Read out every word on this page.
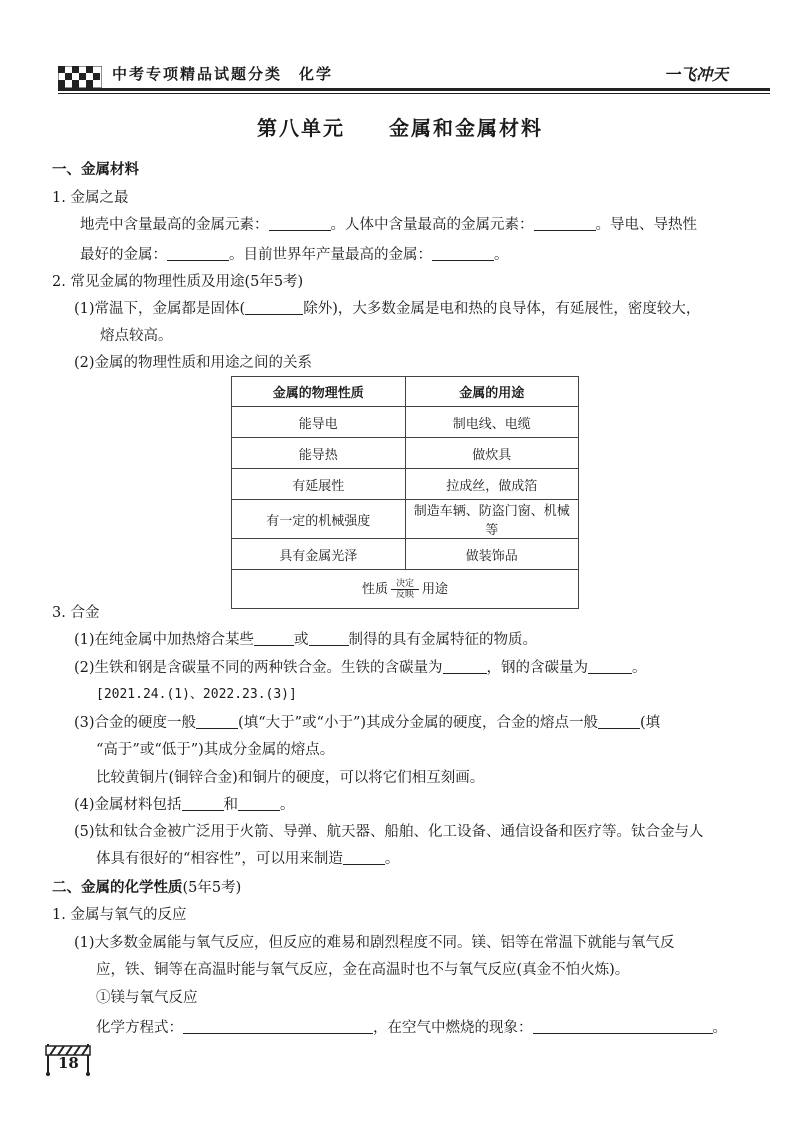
中考专项精品试题分类　化学	一飞冲天
第八单元　　金属和金属材料
一、金属材料
1. 金属之最
地壳中含量最高的金属元素：	。人体中含量最高的金属元素：	。导电、导热性
最好的金属：	。目前世界年产量最高的金属：	。
2. 常见金属的物理性质及用途(5年5考)
(1)常温下，金属都是固体(	除外)，大多数金属是电和热的良导体，有延展性，密度较大，
熔点较高。
(2)金属的物理性质和用途之间的关系
金属的物理性质	金属的用途
能导电	制电线、电缆
能导热	做炊具
有延展性	拉成丝，做成箔
有一定的机械强度	制造车辆、防盗门窗、机械等
具有金属光泽	做装饰品
性质 $\frac{\text{决定}}{\text{反映}}$ 用途	
3. 合金
(1)在纯金属中加热熔合某些	或	制得的具有金属特征的物质。
(2)生铁和钢是含碳量不同的两种铁合金。生铁的含碳量为	，钢的含碳量为	。
[2021.24.(1)、2022.23.(3)]
(3)合金的硬度一般	(填“大于”或“小于”)其成分金属的硬度，合金的熔点一般	(填
“高于”或“低于”)其成分金属的熔点。
比较黄铜片(铜锌合金)和铜片的硬度，可以将它们相互刻画。
(4)金属材料包括	和	。
(5)钛和钛合金被广泛用于火箭、导弹、航天器、船舶、化工设备、通信设备和医疗等。钛合金与人
体具有很好的“相容性”，可以用来制造	。
二、金属的化学性质(5年5考)
1. 金属与氧气的反应
(1)大多数金属能与氧气反应，但反应的难易和剧烈程度不同。镁、铝等在常温下就能与氧气反
应，铁、铜等在高温时能与氧气反应，金在高温时也不与氧气反应(真金不怕火炼)。
①镁与氧气反应
化学方程式：	，在空气中燃烧的现象：	。
18
